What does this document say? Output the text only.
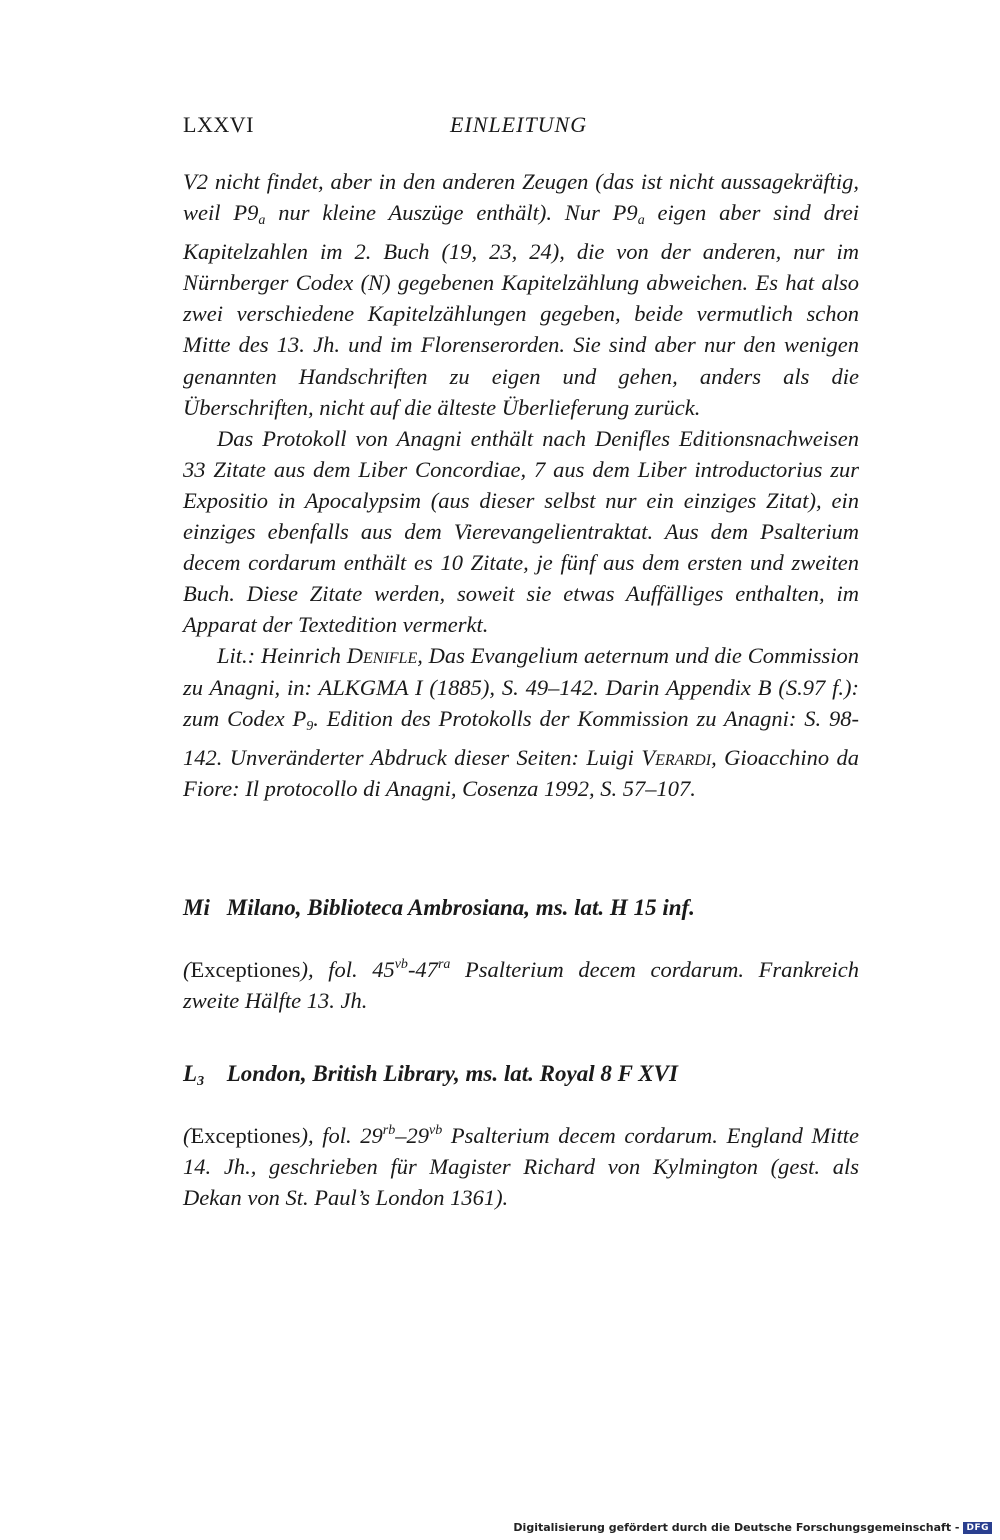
LXXVI	EINLEITUNG

V2 nicht findet, aber in den anderen Zeugen (das ist nicht aussagekräftig, weil $P9_a$ nur kleine Auszüge enthält). Nur $P9_a$ eigen aber sind drei Kapitelzahlen im 2. Buch (19, 23, 24), die von der anderen, nur im Nürnberger Codex (N) gegebenen Kapitelzählung abweichen. Es hat also zwei verschiedene Kapitelzählungen gegeben, beide vermutlich schon Mitte des 13. Jh. und im Florenserorden. Sie sind aber nur den wenigen genannten Handschriften zu eigen und gehen, anders als die Überschriften, nicht auf die älteste Überlieferung zurück.

Das Protokoll von Anagni enthält nach Denifles Editionsnachweisen 33 Zitate aus dem Liber Concordiae, 7 aus dem Liber introductorius zur Expositio in Apocalypsim (aus dieser selbst nur ein einziges Zitat), ein einziges ebenfalls aus dem Vierevangelientraktat. Aus dem Psalterium decem cordarum enthält es 10 Zitate, je fünf aus dem ersten und zweiten Buch. Diese Zitate werden, soweit sie etwas Auffälliges enthalten, im Apparat der Textedition vermerkt.

Lit.: Heinrich Denifle, Das Evangelium aeternum und die Commission zu Anagni, in: ALKGMA I (1885), S. 49–142. Darin Appendix B (S.97 f.): zum Codex $P_9$. Edition des Protokolls der Kommission zu Anagni: S. 98-142. Unveränderter Abdruck dieser Seiten: Luigi Verardi, Gioacchino da Fiore: Il protocollo di Anagni, Cosenza 1992, S. 57–107.

Mi Milano, Biblioteca Ambrosiana, ms. lat. H 15 inf.

(Exceptiones), fol. $45^{vb}-47^{ra}$ Psalterium decem cordarum. Frankreich zweite Hälfte 13. Jh.

$L_3$ London, British Library, ms. lat. Royal 8 F XVI

(Exceptiones), fol. $29^{rb}-29^{vb}$ Psalterium decem cordarum. England Mitte 14. Jh., geschrieben für Magister Richard von Kylmington (gest. als Dekan von St. Paul’s London 1361).

Digitalisierung gefördert durch die Deutsche Forschungsgemeinschaft - DFG
